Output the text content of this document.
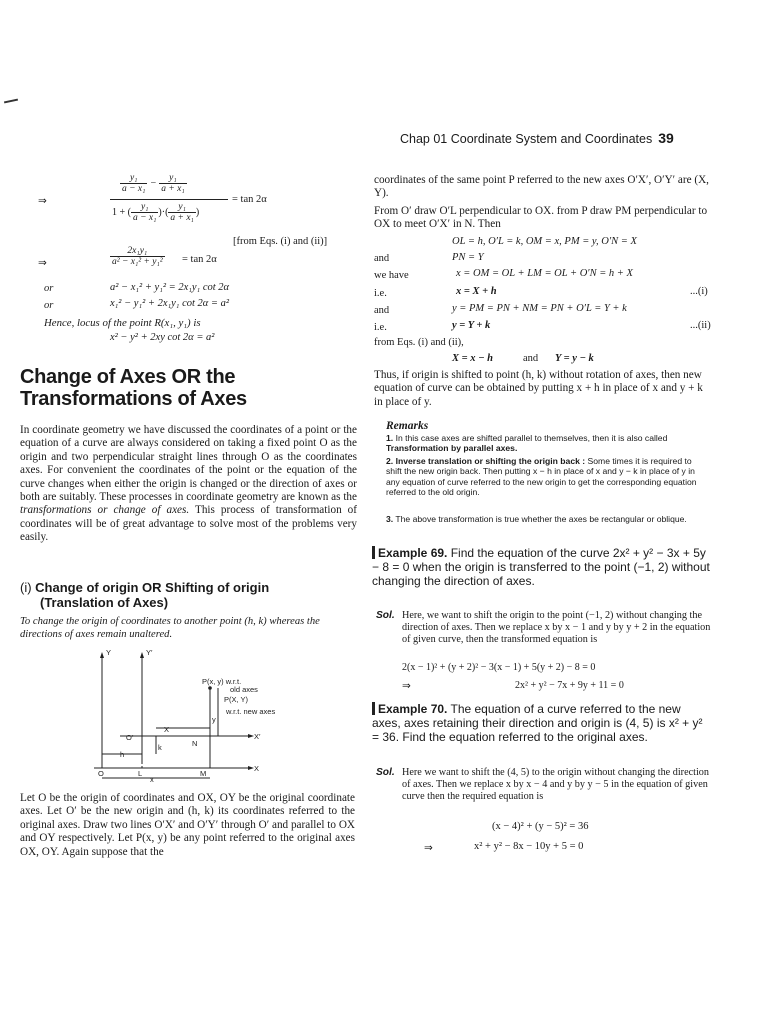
Chap 01 Coordinate System and Coordinates 39
⇒
$\frac{\text{y₁}}{\text{a − x₁}} - \frac{\text{y₁}}{\text{a + x₁}}$
1 + ( $\frac{\text{y₁}}{\text{a − x₁}}$ )·( $\frac{\text{y₁}}{\text{a + x₁}}$ )
= tan 2α
[from Eqs. (i) and (ii)]
⇒	$\frac{\text{2x₁y₁}}{\text{a² − x₁² + y₁²}} = \tan 2\alpha$
or	a² − x₁² + y₁² = 2x₁y₁ cot 2α
or	x₁² − y₁² + 2x₁y₁ cot 2α = a²
Hence, locus of the point R(x₁, y₁) is
x² − y² + 2xy cot 2α = a²
Change of Axes OR the
Transformations of Axes
In coordinate geometry we have discussed the coordinates of a point or the equation of a curve are always considered on taking a fixed point O as the origin and two perpendicular straight lines through O as the coordinates axes. For convenient the coordinates of the point or the equation of the curve changes when either the origin is changed or the direction of axes or both are suitably. These processes in coordinate geometry are known as the transformations or change of axes. This process of transformation of coordinates will be of great advantage to solve most of the problems very easily.
(i) Change of origin OR Shifting of origin
(Translation of Axes)
To change the origin of coordinates to another point (h, k) whereas the directions of axes remain unaltered.
Y	Y′
P(x, y) w.r.t.
old axes
P(X, Y)
w.r.t. new axes
O′
X
X′
y
k	N
h
O	L
x
M
X
Let O be the origin of coordinates and OX, OY be the original coordinate axes. Let O′ be the new origin and (h, k) its coordinates referred to the original axes. Draw two lines O′X′ and O′Y′ through O′ and parallel to OX and OY respectively. Let P(x, y) be any point referred to the original axes OX, OY. Again suppose that the
coordinates of the same point P referred to the new axes O′X′, O′Y′ are (X, Y).
From O′ draw O′L perpendicular to OX. from P draw PM perpendicular to OX to meet O′X′ in N. Then
OL = h, O′L = k, OM = x, PM = y, O′N = X
and	PN = Y
we have	x = OM = OL + LM = OL + O′N = h + X
i.e.	x = X + h	...(i)
and	y = PM = PN + NM = PN + O′L = Y + k
i.e.	y = Y + k	...(ii)
from Eqs. (i) and (ii),
X = x − h	and Y = y − k
Thus, if origin is shifted to point (h, k) without rotation of axes, then new equation of curve can be obtained by putting x + h in place of x and y + k in place of y.
Remarks
1. In this case axes are shifted parallel to themselves, then it is also called Transformation by parallel axes.
2. Inverse translation or shifting the origin back : Some times it is required to shift the new origin back. Then putting x − h in place of x and y − k in place of y in any equation of curve referred to the new origin to get the corresponding equation referred to the old origin.
3. The above transformation is true whether the axes be rectangular or oblique.
Example 69. Find the equation of the curve 2x² + y² − 3x + 5y − 8 = 0 when the origin is transferred to the point (−1, 2) without changing the direction of axes.
Sol. Here, we want to shift the origin to the point (−1, 2) without changing the direction of axes. Then we replace x by x − 1 and y by y + 2 in the equation of given curve, then the transformed equation is
2(x − 1)² + (y + 2)² − 3(x − 1) + 5(y + 2) − 8 = 0
⇒	2x² + y² − 7x + 9y + 11 = 0
Example 70. The equation of a curve referred to the new axes, axes retaining their direction and origin is (4, 5) is x² + y² = 36. Find the equation referred to the original axes.
Sol. Here we want to shift the (4, 5) to the origin without changing the direction of axes. Then we replace x by x − 4 and y by y − 5 in the equation of given curve then the required equation is
(x − 4)² + (y − 5)² = 36
⇒	x² + y² − 8x − 10y + 5 = 0
